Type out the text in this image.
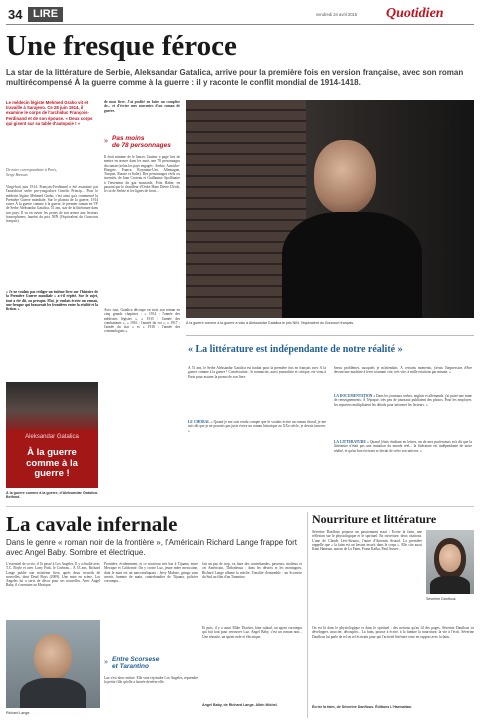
34 LIRE	vendredi 24 avril 2015 Quotidien
Une fresque féroce
La star de la littérature de Serbie, Aleksandar Gatalica, arrive pour la première fois en version française, avec son roman multirécompensé À la guerre comme à la guerre : il y raconte le conflit mondial de 1914-1418.
Le médecin légiste Mehmed Graho vit et travaille à Sarajevo. Ce 28 juin 1914, il examine le corps de l'archiduc François-Ferdinand et de son épouse. « Deux corps qui gisent sur sa table d'autopsie ! »
De notre correspondante à Paris,
Serge Bressan
Vingt-huit juin 1914. François-Ferdinand a été assassiné par l'anarchiste serbe pro-yougoslave Gavrilo Princip... Pour le médecin légiste Mehmed Graho, c'est ainsi qu'a commencé la Première Guerre mondiale. Sur le plateau de la guerre, 1914 ouvre À la guerre comme à la guerre, le premier roman en VF de Serbe Aleksandar Gatalica, 51 ans, star de la littérature dans son pays. Il va en ouvrir les portes de son œuvre aux lecteurs francophones, lauréat du prix NIN (l'équivalent du Goncourt français).
« Je ne voulais pas rédiger un énième livre sur l'histoire de la Première Guerre mondiale » a-t-il répété. Sur le sujet, tout a été dit, ou presque. Moi, je voulais écrire un roman, une fresque qui brasserait les frontières entre la réalité et la fiction. »
Aleksandar Gatalica
À la guerre comme à la guerre !
À la guerre comme à la guerre, d'Aleksandar Gatalica. Belfond.
de mon livre. J'ai profité en faire un complice de... et d'écrire mes souvenirs d'un roman de guerre.
» Pas moins
de 78 personnages
Il était minime de le lancer, l'auteur a pagé lors de mettre en œuvre dans les mois une 78 personnages du roman (selon les pays engagés : Serbie, Autriche-Hongrie, France, Royaume-Uni, Allemagne, Turquie, Russie et Italie). Des personnages réels ou inventés, de Jean Cocteau et Guillaume Apollinaire à l'inventeur du gaz moutarde, Fritz Haber, en passant par le chauffeur d'Ordre Hans Dieter Ulrich, le roi de Serbie et les lignes de front...
Avec tout, Gatalica découpe en trois son roman en cinq grands chapitres : « 1914 : l'année des médecins légistes », « 1915 : l'année des combattants », « 1916 : l'année du roi », « 1917 : l'année du tsar » et « 1918 : l'année des criminologues ».
À la guerre comme à la guerre a valu à Aleksandar Gatalica le prix NIN, l'équivalent du Goncourt français.
« La littérature est indépendante de notre réalité »
À 51 ans, le Serbe Aleksandar Gatalica est traduit pour la première fois en français avec À la guerre comme à la guerre ! Consécration : le romancier, aussi journaliste et critique, est venu à Paris pour assurer la promo de son livre.
LE CHORAL « Quand je me suis rendu compte que le voulais écrire un roman choral, je me suis dit que je ne pouvais pas juste écrire un roman historique au XXe siècle, je devais innover. »
breux problèmes, auxquels je m'attendais. À certains moments, j'avais l'impression d'être devant une machine à lever tournant vite, très vite, à mille rotations par minute. »
LA DOCUMENTATION « Dans les journaux serbes, anglais et allemands, j'ai puisé une mine de renseignements. À l'époque, très peu de journaux publiaient des photos. Pour les employer, les reporters multipliaient les détails pour informer les lecteurs. »
LA LITTÉRATURE « Quand j'étais étudiant en lettres, un de mes professeurs m'a dit que la littérature n'était pas une imitation du monde réel... la littérature est indépendante de notre réalité, et qu'un bon écrivain se devait de créer son univers. »
La cavale infernale
Dans le genre « roman noir de la frontière », l'Américain Richard Lange frappe fort avec Angel Baby. Sombre et électrique.
L'essentiel de sa vie, il l'a passé à Los Angeles. Il y a étudié avec T.C. Boyle et avec Larry Fink, le Corbeau... À 53 ans, Richard Lange publie son troisième livre, après deux recueils de nouvelles, dont Dead Boys (2009). Une mise en scène, Los Angeles lui a servi de décor pour ses nouvelles. Avec Angel Baby, il s'aventure au Mexique.
Richard Lange.
Frontière, évidemment, et ce morceau très bas à Tijuana, entre Mexique et Californie. On y croise Luz, jeune mère mexicaine, dont le mari est un narcotrafiquant ; Jerry Malone, gringo sans avenir, homme de main, contrebandier de Tijuana, policier corrompu...
» Entre Scorsese
et Tarantino
Luz s'est donc enfuie. Elle veut rejoindre Los Angeles, reprendre la petite fille qu'elle a laissée derrière elle.
fait un pas de trop, va faire des contrebandes, passeurs, mafieux et cet Américain, Thibodeaux : dans les déserts et les montagnes, Richard Lange allume la mèche. Tonalité d'ensemble : un Scorsese du Sud au film d'un Tarantino.
Et puis, il y a aussi Mike Thacker, bien salaud, un agent corrompu qui fait tout pour retrouver Luz. Angel Baby, c'est un roman noir... Une réussite, un sprint rude et électrique.
Angel Baby, de Richard Lange. Albin Michel.
Nourriture et littérature
Séverine Danflous propose un passionnant essai : Écrire la faim, une réflexion sur le physiologique et le spirituel. En ouverture, deux citations. L'une de Claude Lévi-Strauss, l'autre d'Antonin Artaud. La première rappelle que « la faim est un besoin inscrit dans le corps ». Elle cite aussi Knut Hamsun, auteur de La Faim, Franz Kafka, Paul Auster...
Séverine Danflous.
On est là dans le physiologique et dans le spirituel : des notions qu'au fil des pages, Séverine Danflous va développer, associer, découpler... La faim, pousse à écrire, à la famine la nourriture, la vie à l'écrit. Séverine Danflous lui parle de tel ou tel écrivain pour qui l'activité littéraire reste en rapport avec la faim.
Écrire la faim, de Séverine Danflous. Éditions L'Harmattan.
